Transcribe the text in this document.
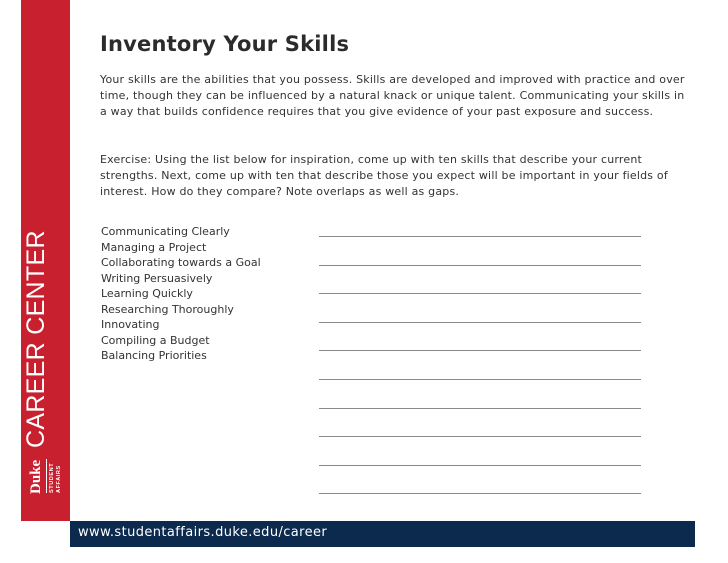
CAREER CENTER
Duke STUDENT
AFFAIRS
Inventory Your Skills

Your skills are the abilities that you possess. Skills are developed and improved with practice and over time, though they can be influenced by a natural knack or unique talent. Communicating your skills in a way that builds confidence requires that you give evidence of your past exposure and success.

Exercise: Using the list below for inspiration, come up with ten skills that describe your current strengths. Next, come up with ten that describe those you expect will be important in your fields of interest. How do they compare? Note overlaps as well as gaps.

Communicating Clearly
Managing a Project
Collaborating towards a Goal
Writing Persuasively
Learning Quickly
Researching Thoroughly
Innovating
Compiling a Budget
Balancing Priorities
www.studentaffairs.duke.edu/career
